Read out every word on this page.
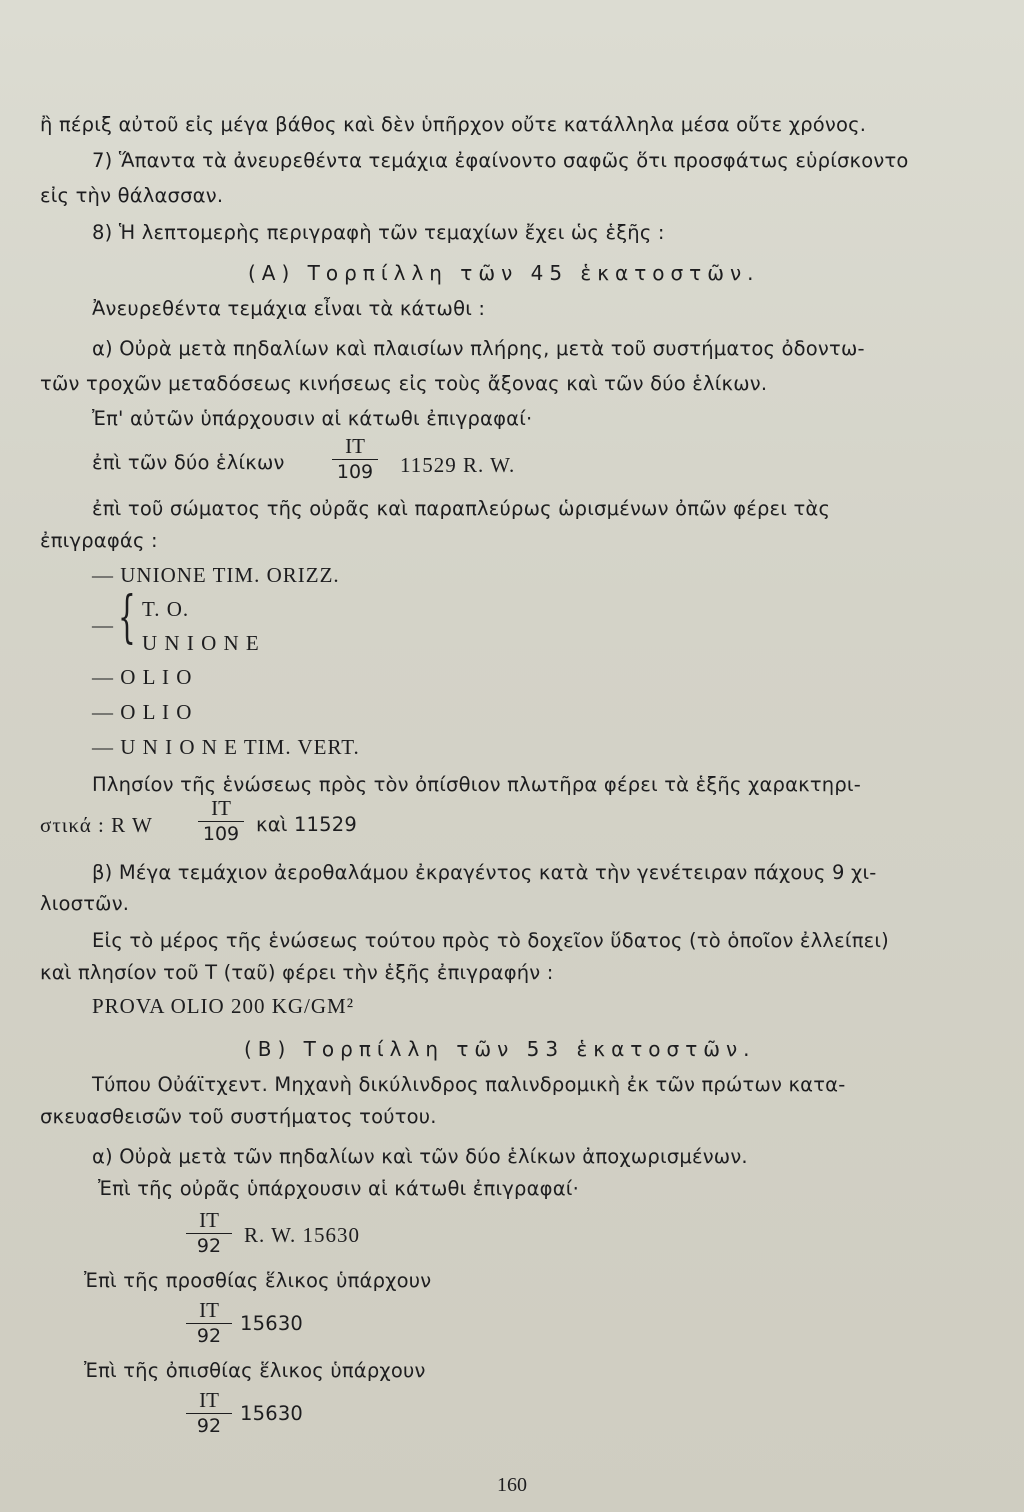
ἢ πέριξ αὐτοῦ εἰς μέγα βάθος καὶ δὲν ὑπῆρχον οὔτε κατάλληλα μέσα οὔτε χρόνος.
7) Ἅπαντα τὰ ἀνευρεθέντα τεμάχια ἐφαίνοντο σαφῶς ὅτι προσφάτως εὑρίσκοντο
εἰς τὴν θάλασσαν.
8) Ἡ λεπτομερὴς περιγραφὴ τῶν τεμαχίων ἔχει ὡς ἑξῆς :
(Α) Τορπίλλη τῶν 45 ἑκατοστῶν.
Ἀνευρεθέντα τεμάχια εἶναι τὰ κάτωθι :
α) Οὐρὰ μετὰ πηδαλίων καὶ πλαισίων πλήρης, μετὰ τοῦ συστήματος ὀδοντω-
τῶν τροχῶν μεταδόσεως κινήσεως εἰς τοὺς ἄξονας καὶ τῶν δύο ἑλίκων.
Ἐπ' αὐτῶν ὑπάρχουσιν αἱ κάτωθι ἐπιγραφαί·
ἐπὶ τῶν δύο ἑλίκων
IT
109 11529 R. W.
ἐπὶ τοῦ σώματος τῆς οὐρᾶς καὶ παραπλεύρως ὡρισμένων ὀπῶν φέρει τὰς
ἐπιγραφάς :
— UNIONE TIM. ORIZZ.
— { T. O.
U N I O N E
— O L I O
— O L I O
— U N I O N E TIM. VERT.
Πλησίον τῆς ἑνώσεως πρὸς τὸν ὀπίσθιον πλωτῆρα φέρει τὰ ἑξῆς χαρακτηρι-
στικά : R W
IT
109 καὶ 11529
β) Μέγα τεμάχιον ἀεροθαλάμου ἐκραγέντος κατὰ τὴν γενέτειραν πάχους 9 χι-
λιοστῶν.
Εἰς τὸ μέρος τῆς ἑνώσεως τούτου πρὸς τὸ δοχεῖον ὕδατος (τὸ ὁποῖον ἐλλείπει)
καὶ πλησίον τοῦ Τ (ταῦ) φέρει τὴν ἑξῆς ἐπιγραφήν :
PROVA OLIO 200 KG/GM²
(Β) Τορπίλλη τῶν 53 ἑκατοστῶν.
Τύπου Οὐάϊτχεντ. Μηχανὴ δικύλινδρος παλινδρομικὴ ἐκ τῶν πρώτων κατα-
σκευασθεισῶν τοῦ συστήματος τούτου.
α) Οὐρὰ μετὰ τῶν πηδαλίων καὶ τῶν δύο ἑλίκων ἀποχωρισμένων.
Ἐπὶ τῆς οὐρᾶς ὑπάρχουσιν αἱ κάτωθι ἐπιγραφαί·
IT
92	R. W. 15630
Ἐπὶ τῆς προσθίας ἕλικος ὑπάρχουν
IT
92
15630
Ἐπὶ τῆς ὀπισθίας ἕλικος ὑπάρχουν
IT
92
15630
160
